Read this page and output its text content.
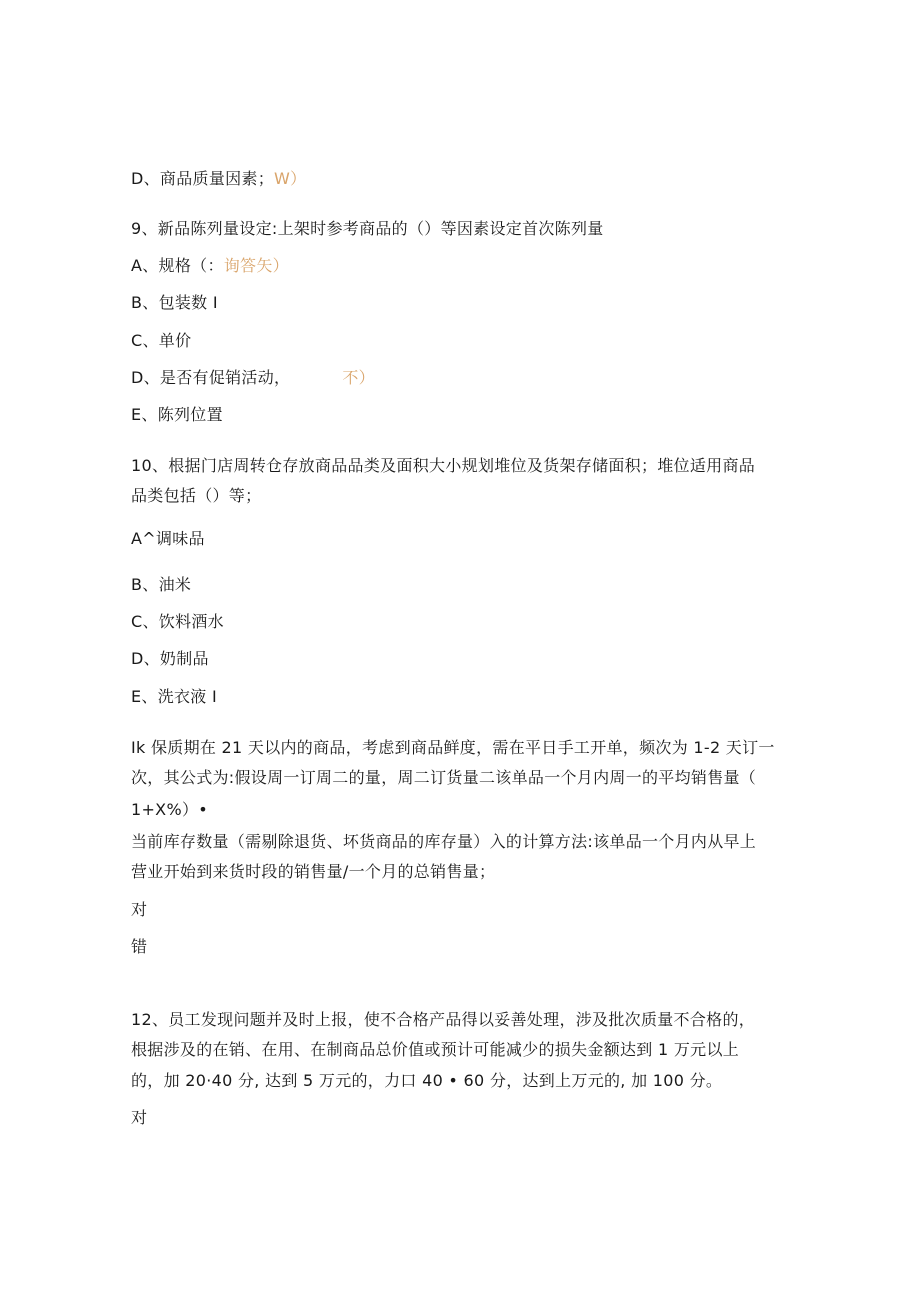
D、商品质量因素；W）
9、新品陈列量设定:上架时参考商品的（）等因素设定首次陈列量
A、规格（：询答矢）
B、包装数 I
C、单价
D、是否有促销活动，	不）
E、陈列位置
10、根据门店周转仓存放商品品类及面积大小规划堆位及货架存储面积；堆位适用商品
品类包括（）等；
A^调味品
B、油米
C、饮料酒水
D、奶制品
E、洗衣液 I
Ik 保质期在 21 天以内的商品，考虑到商品鲜度，需在平日手工开单，频次为 1-2 天订一
次，其公式为:假设周一订周二的量，周二订货量二该单品一个月内周一的平均销售量（
1+X%）•
当前库存数量（需剔除退货、坏货商品的库存量）入的计算方法:该单品一个月内从早上
营业开始到来货时段的销售量/一个月的总销售量；
对
错
12、员工发现问题并及时上报，使不合格产品得以妥善处理，涉及批次质量不合格的，
根据涉及的在销、在用、在制商品总价值或预计可能减少的损失金额达到 1 万元以上
的，加 20·40 分, 达到 5 万元的，力口 40 • 60 分，达到上万元的, 加 100 分。
对
